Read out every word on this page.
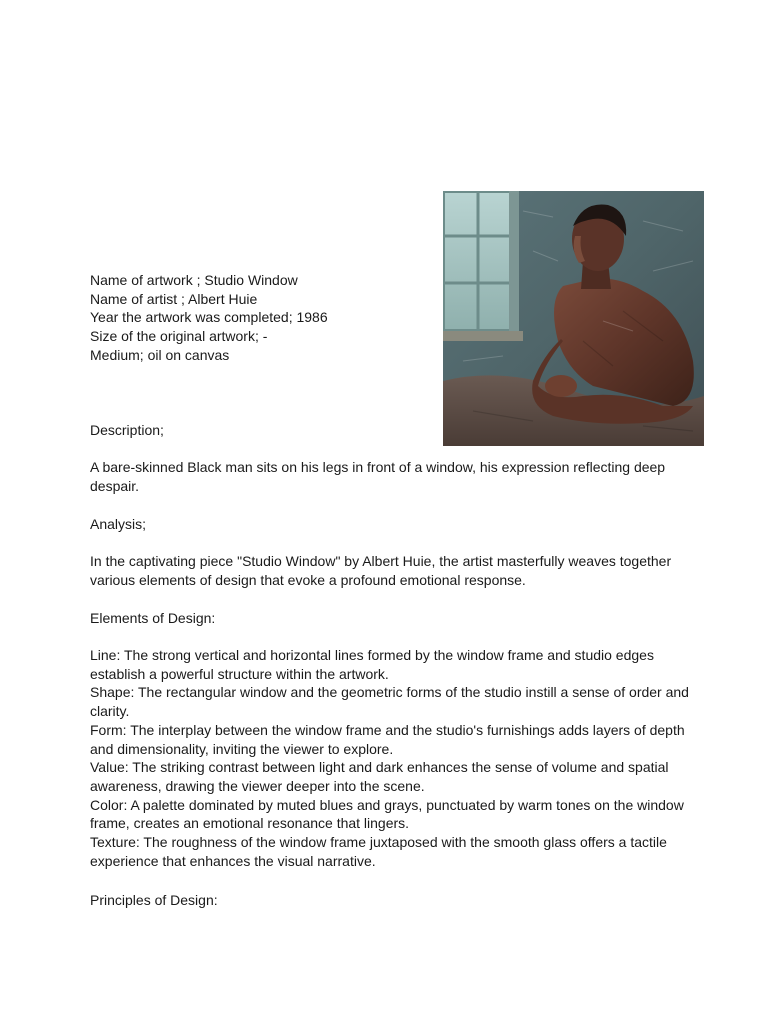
Name of artwork ; Studio Window
Name of artist ; Albert Huie
Year the artwork was completed; 1986
Size of the original artwork; -
Medium; oil on canvas
Description;
A bare-skinned Black man sits on his legs in front of a window, his expression reflecting deep despair.
Analysis;
In the captivating piece "Studio Window" by Albert Huie, the artist masterfully weaves together various elements of design that evoke a profound emotional response.
Elements of Design:

Line: The strong vertical and horizontal lines formed by the window frame and studio edges establish a powerful structure within the artwork.

Shape: The rectangular window and the geometric forms of the studio instill a sense of order and clarity.

Form: The interplay between the window frame and the studio's furnishings adds layers of depth and dimensionality, inviting the viewer to explore.

Value: The striking contrast between light and dark enhances the sense of volume and spatial awareness, drawing the viewer deeper into the scene.

Color: A palette dominated by muted blues and grays, punctuated by warm tones on the window frame, creates an emotional resonance that lingers.

Texture: The roughness of the window frame juxtaposed with the smooth glass offers a tactile experience that enhances the visual narrative.

Principles of Design:
